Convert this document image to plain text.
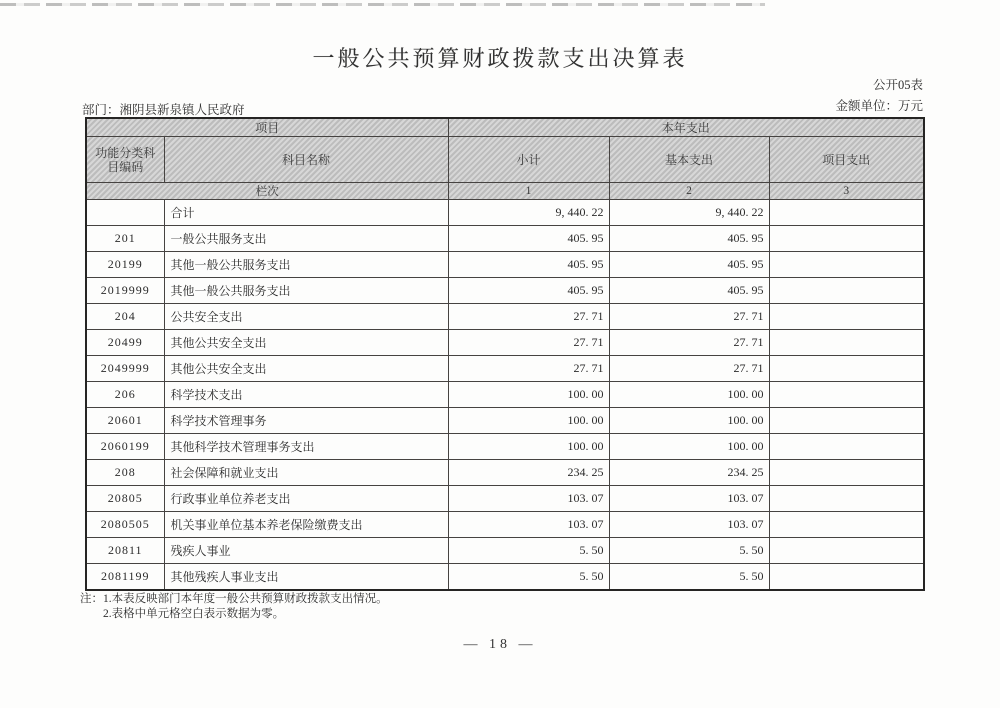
一般公共预算财政拨款支出决算表
公开05表
金额单位：万元
部门：湘阴县新泉镇人民政府
项目		本年支出		
功能分类科目编码	科目名称	小计	基本支出	项目支出
栏次		1	2	3
	合计	9, 440. 22	9, 440. 22	
201	一般公共服务支出	405. 95	405. 95	
20199	其他一般公共服务支出	405. 95	405. 95	
2019999	其他一般公共服务支出	405. 95	405. 95	
204	公共安全支出	27. 71	27. 71	
20499	其他公共安全支出	27. 71	27. 71	
2049999	其他公共安全支出	27. 71	27. 71	
206	科学技术支出	100. 00	100. 00	
20601	科学技术管理事务	100. 00	100. 00	
2060199	其他科学技术管理事务支出	100. 00	100. 00	
208	社会保障和就业支出	234. 25	234. 25	
20805	行政事业单位养老支出	103. 07	103. 07	
2080505	机关事业单位基本养老保险缴费支出	103. 07	103. 07	
20811	残疾人事业	5. 50	5. 50	
2081199	其他残疾人事业支出	5. 50	5. 50	
注：1.本表反映部门本年度一般公共预算财政拨款支出情况。
2.表格中单元格空白表示数据为零。
— 18 —
